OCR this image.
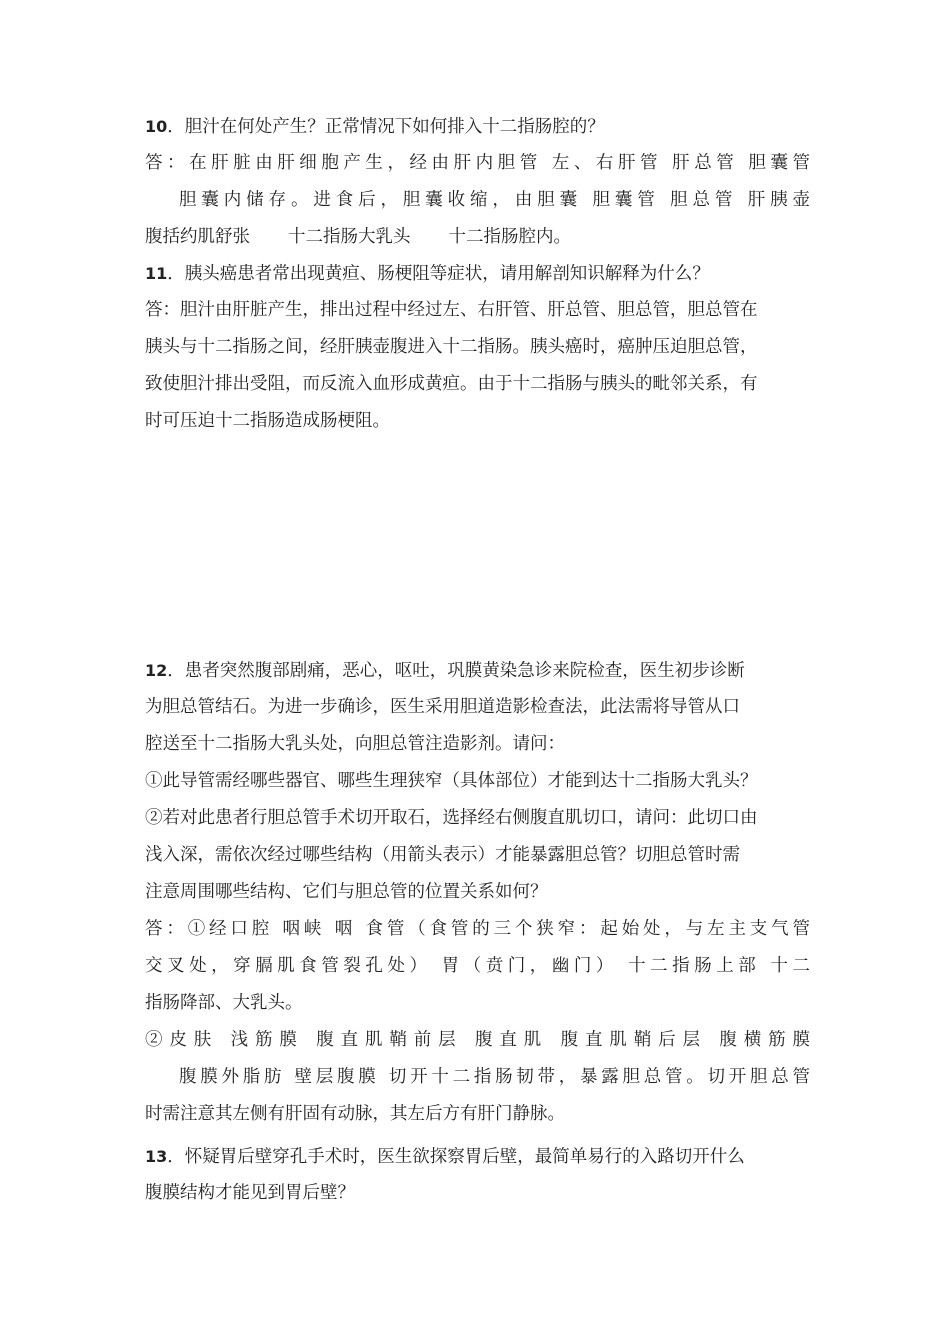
10．胆汁在何处产生？正常情况下如何排入十二指肠腔的？
答：在肝脏由肝细胞产生，经由肝内胆管 左、右肝管 肝总管 胆囊管
胆囊内储存。进食后，胆囊收缩，由胆囊 胆囊管 胆总管 肝胰壶
腹括约肌舒张 十二指肠大乳头 十二指肠腔内。
11．胰头癌患者常出现黄疸、肠梗阻等症状，请用解剖知识解释为什么？
答：胆汁由肝脏产生，排出过程中经过左、右肝管、肝总管、胆总管，胆总管在
胰头与十二指肠之间，经肝胰壶腹进入十二指肠。胰头癌时，癌肿压迫胆总管，
致使胆汁排出受阻，而反流入血形成黄疸。由于十二指肠与胰头的毗邻关系，有
时可压迫十二指肠造成肠梗阻。
12．患者突然腹部剧痛，恶心，呕吐，巩膜黄染急诊来院检查，医生初步诊断
为胆总管结石。为进一步确诊，医生采用胆道造影检查法，此法需将导管从口
腔送至十二指肠大乳头处，向胆总管注造影剂。请问：
①此导管需经哪些器官、哪些生理狭窄（具体部位）才能到达十二指肠大乳头？
②若对此患者行胆总管手术切开取石，选择经右侧腹直肌切口，请问：此切口由
浅入深，需依次经过哪些结构（用箭头表示）才能暴露胆总管？切胆总管时需
注意周围哪些结构、它们与胆总管的位置关系如何？
答：①经口腔 咽峡 咽 食管（食管的三个狭窄：起始处，与左主支气管
交叉处，穿膈肌食管裂孔处） 胃（贲门，幽门） 十二指肠上部 十二
指肠降部、大乳头。
②皮肤 浅筋膜 腹直肌鞘前层 腹直肌 腹直肌鞘后层 腹横筋膜
腹膜外脂肪 壁层腹膜 切开十二指肠韧带，暴露胆总管。切开胆总管
时需注意其左侧有肝固有动脉，其左后方有肝门静脉。
13．怀疑胃后壁穿孔手术时，医生欲探察胃后壁，最简单易行的入路切开什么
腹膜结构才能见到胃后壁？
